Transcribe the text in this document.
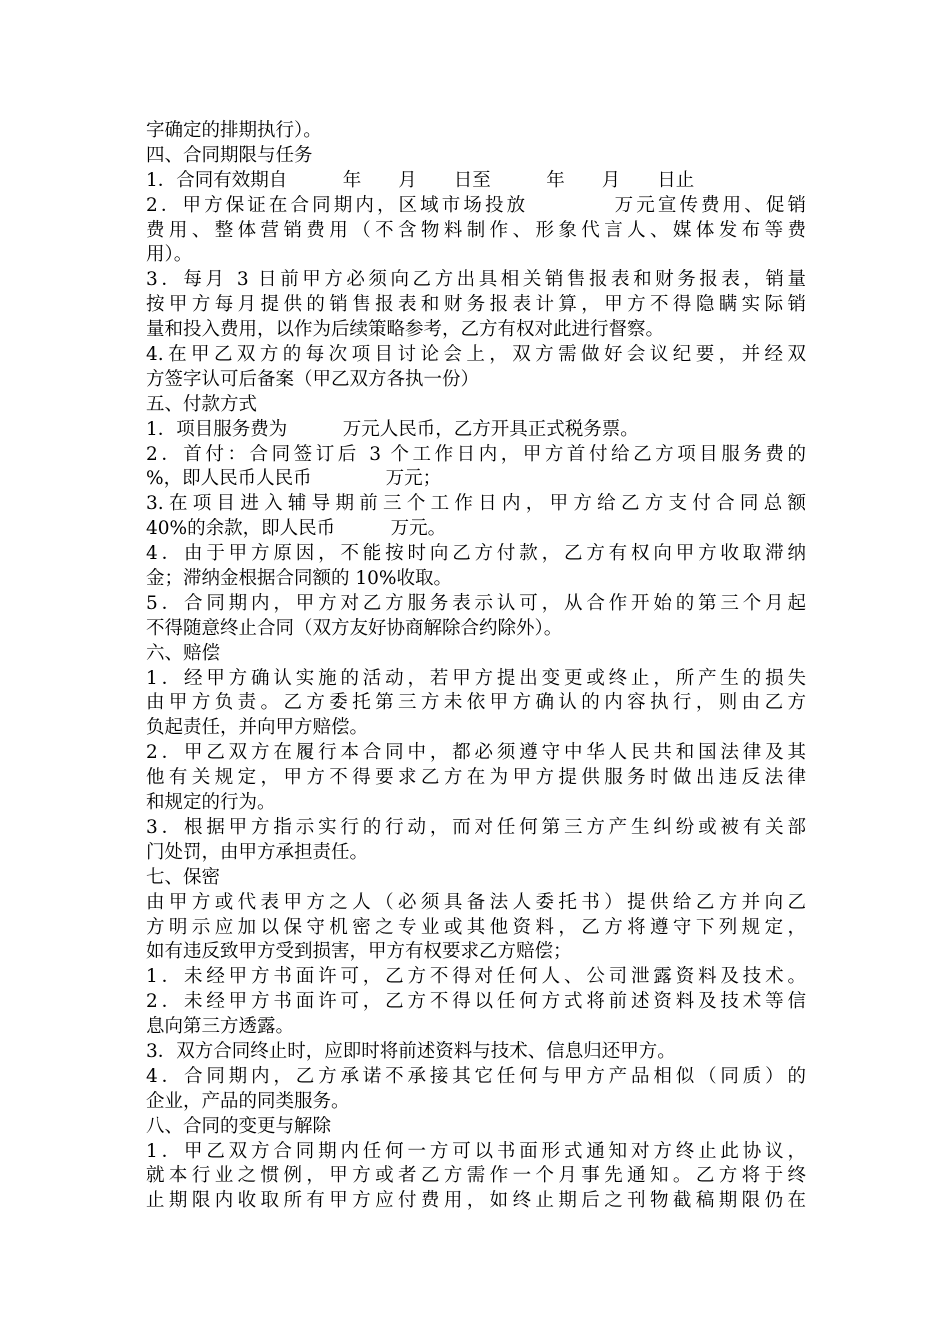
字确定的排期执行）。
四、合同期限与任务
1．合同有效期自　　　年　　月　　日至　　　年　　月　　日止
2．甲方保证在合同期内，区域市场投放　　　　万元宣传费用、促销
费用、整体营销费用（不含物料制作、形象代言人、媒体发布等费
用）。
3．每月 3 日前甲方必须向乙方出具相关销售报表和财务报表，销量
按甲方每月提供的销售报表和财务报表计算，甲方不得隐瞒实际销
量和投入费用，以作为后续策略参考，乙方有权对此进行督察。
4.在甲乙双方的每次项目讨论会上，双方需做好会议纪要，并经双
方签字认可后备案（甲乙双方各执一份）
五、付款方式
1．项目服务费为　　　万元人民币，乙方开具正式税务票。
2．首付：合同签订后 3 个工作日内，甲方首付给乙方项目服务费的
%，即人民币人民币　　　　万元；
3.在项目进入辅导期前三个工作日内，甲方给乙方支付合同总额
40%的余款，即人民币　　　万元。
4．由于甲方原因，不能按时向乙方付款，乙方有权向甲方收取滞纳
金；滞纳金根据合同额的 10%收取。
5．合同期内，甲方对乙方服务表示认可，从合作开始的第三个月起
不得随意终止合同（双方友好协商解除合约除外）。
六、赔偿
1．经甲方确认实施的活动，若甲方提出变更或终止，所产生的损失
由甲方负责。乙方委托第三方未依甲方确认的内容执行，则由乙方
负起责任，并向甲方赔偿。
2．甲乙双方在履行本合同中，都必须遵守中华人民共和国法律及其
他有关规定，甲方不得要求乙方在为甲方提供服务时做出违反法律
和规定的行为。
3．根据甲方指示实行的行动，而对任何第三方产生纠纷或被有关部
门处罚，由甲方承担责任。
七、保密
由甲方或代表甲方之人（必须具备法人委托书）提供给乙方并向乙
方明示应加以保守机密之专业或其他资料，乙方将遵守下列规定，
如有违反致甲方受到损害，甲方有权要求乙方赔偿；
1．未经甲方书面许可，乙方不得对任何人、公司泄露资料及技术。
2．未经甲方书面许可，乙方不得以任何方式将前述资料及技术等信
息向第三方透露。
3．双方合同终止时，应即时将前述资料与技术、信息归还甲方。
4．合同期内，乙方承诺不承接其它任何与甲方产品相似（同质）的
企业，产品的同类服务。
八、合同的变更与解除
1．甲乙双方合同期内任何一方可以书面形式通知对方终止此协议，
就本行业之惯例，甲方或者乙方需作一个月事先通知。乙方将于终
止期限内收取所有甲方应付费用，如终止期后之刊物截稿期限仍在
